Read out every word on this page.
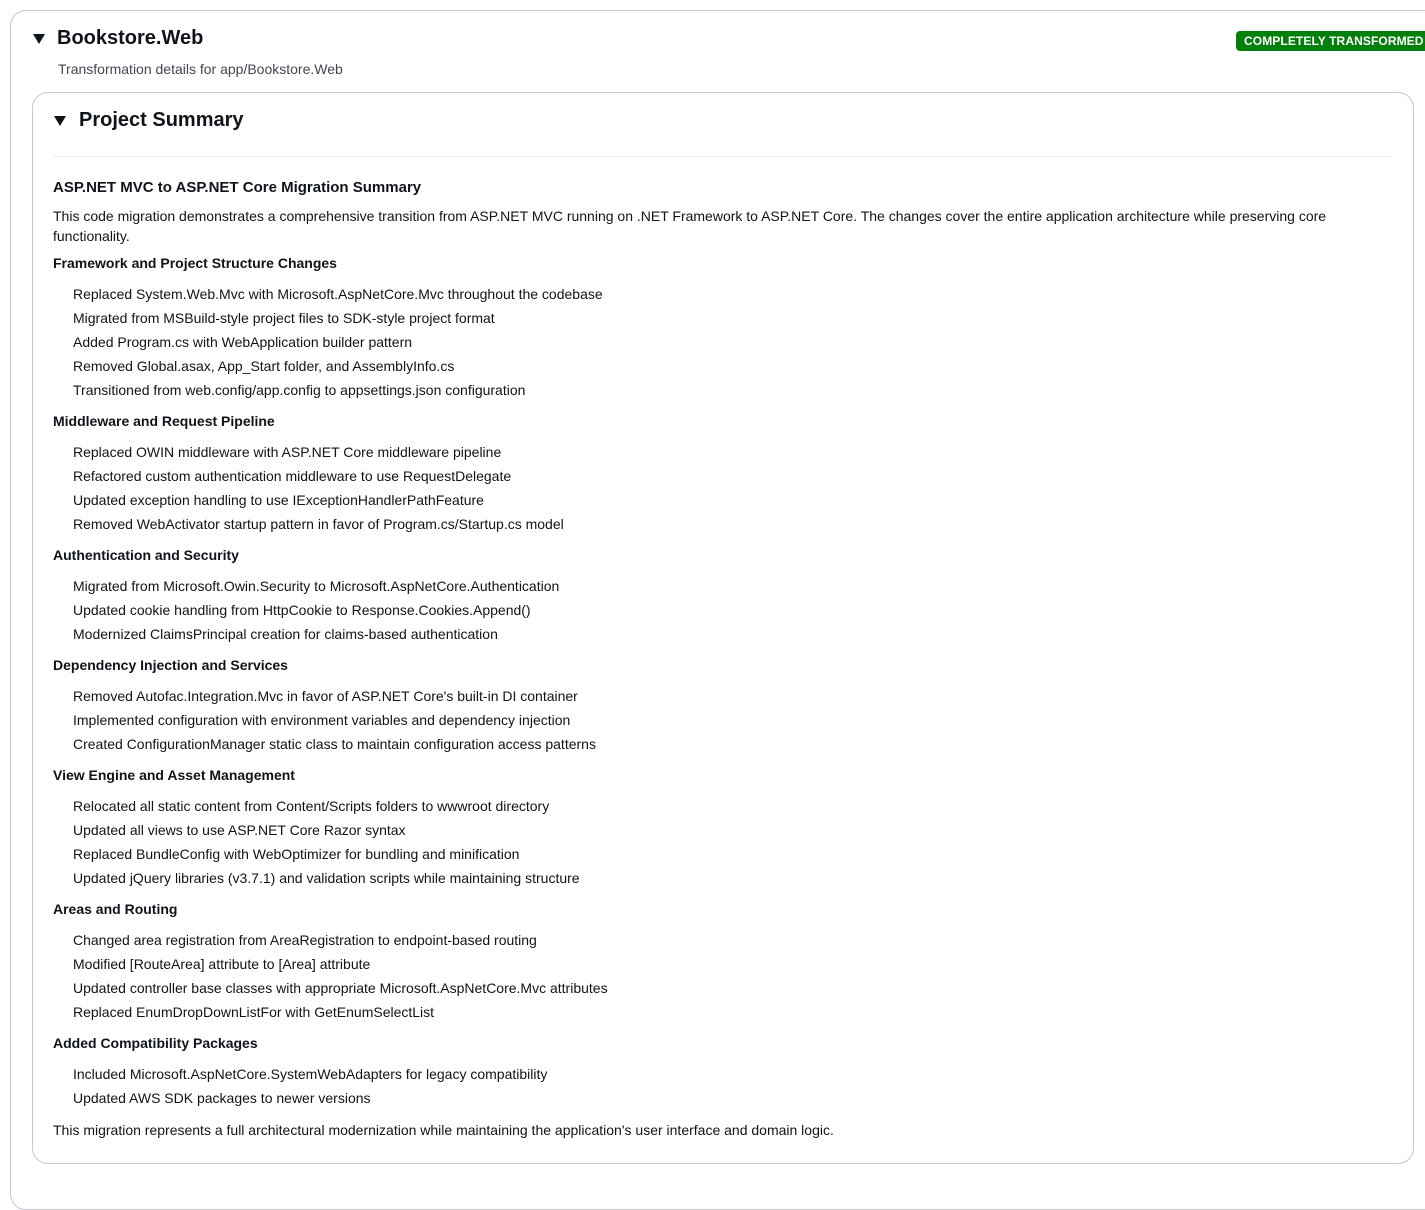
Bookstore.Web
Transformation details for app/Bookstore.Web
COMPLETELY TRANSFORMED
Project Summary
ASP.NET MVC to ASP.NET Core Migration Summary

This code migration demonstrates a comprehensive transition from ASP.NET MVC running on .NET Framework to ASP.NET Core. The changes cover the entire application architecture while preserving core functionality.

Framework and Project Structure Changes
Replaced System.Web.Mvc with Microsoft.AspNetCore.Mvc throughout the codebase
Migrated from MSBuild-style project files to SDK-style project format
Added Program.cs with WebApplication builder pattern
Removed Global.asax, App_Start folder, and AssemblyInfo.cs
Transitioned from web.config/app.config to appsettings.json configuration
Middleware and Request Pipeline
Replaced OWIN middleware with ASP.NET Core middleware pipeline
Refactored custom authentication middleware to use RequestDelegate
Updated exception handling to use IExceptionHandlerPathFeature
Removed WebActivator startup pattern in favor of Program.cs/Startup.cs model
Authentication and Security
Migrated from Microsoft.Owin.Security to Microsoft.AspNetCore.Authentication
Updated cookie handling from HttpCookie to Response.Cookies.Append()
Modernized ClaimsPrincipal creation for claims-based authentication
Dependency Injection and Services
Removed Autofac.Integration.Mvc in favor of ASP.NET Core's built-in DI container
Implemented configuration with environment variables and dependency injection
Created ConfigurationManager static class to maintain configuration access patterns
View Engine and Asset Management
Relocated all static content from Content/Scripts folders to wwwroot directory
Updated all views to use ASP.NET Core Razor syntax
Replaced BundleConfig with WebOptimizer for bundling and minification
Updated jQuery libraries (v3.7.1) and validation scripts while maintaining structure
Areas and Routing
Changed area registration from AreaRegistration to endpoint-based routing
Modified [RouteArea] attribute to [Area] attribute
Updated controller base classes with appropriate Microsoft.AspNetCore.Mvc attributes
Replaced EnumDropDownListFor with GetEnumSelectList
Added Compatibility Packages
Included Microsoft.AspNetCore.SystemWebAdapters for legacy compatibility
Updated AWS SDK packages to newer versions

This migration represents a full architectural modernization while maintaining the application's user interface and domain logic.
